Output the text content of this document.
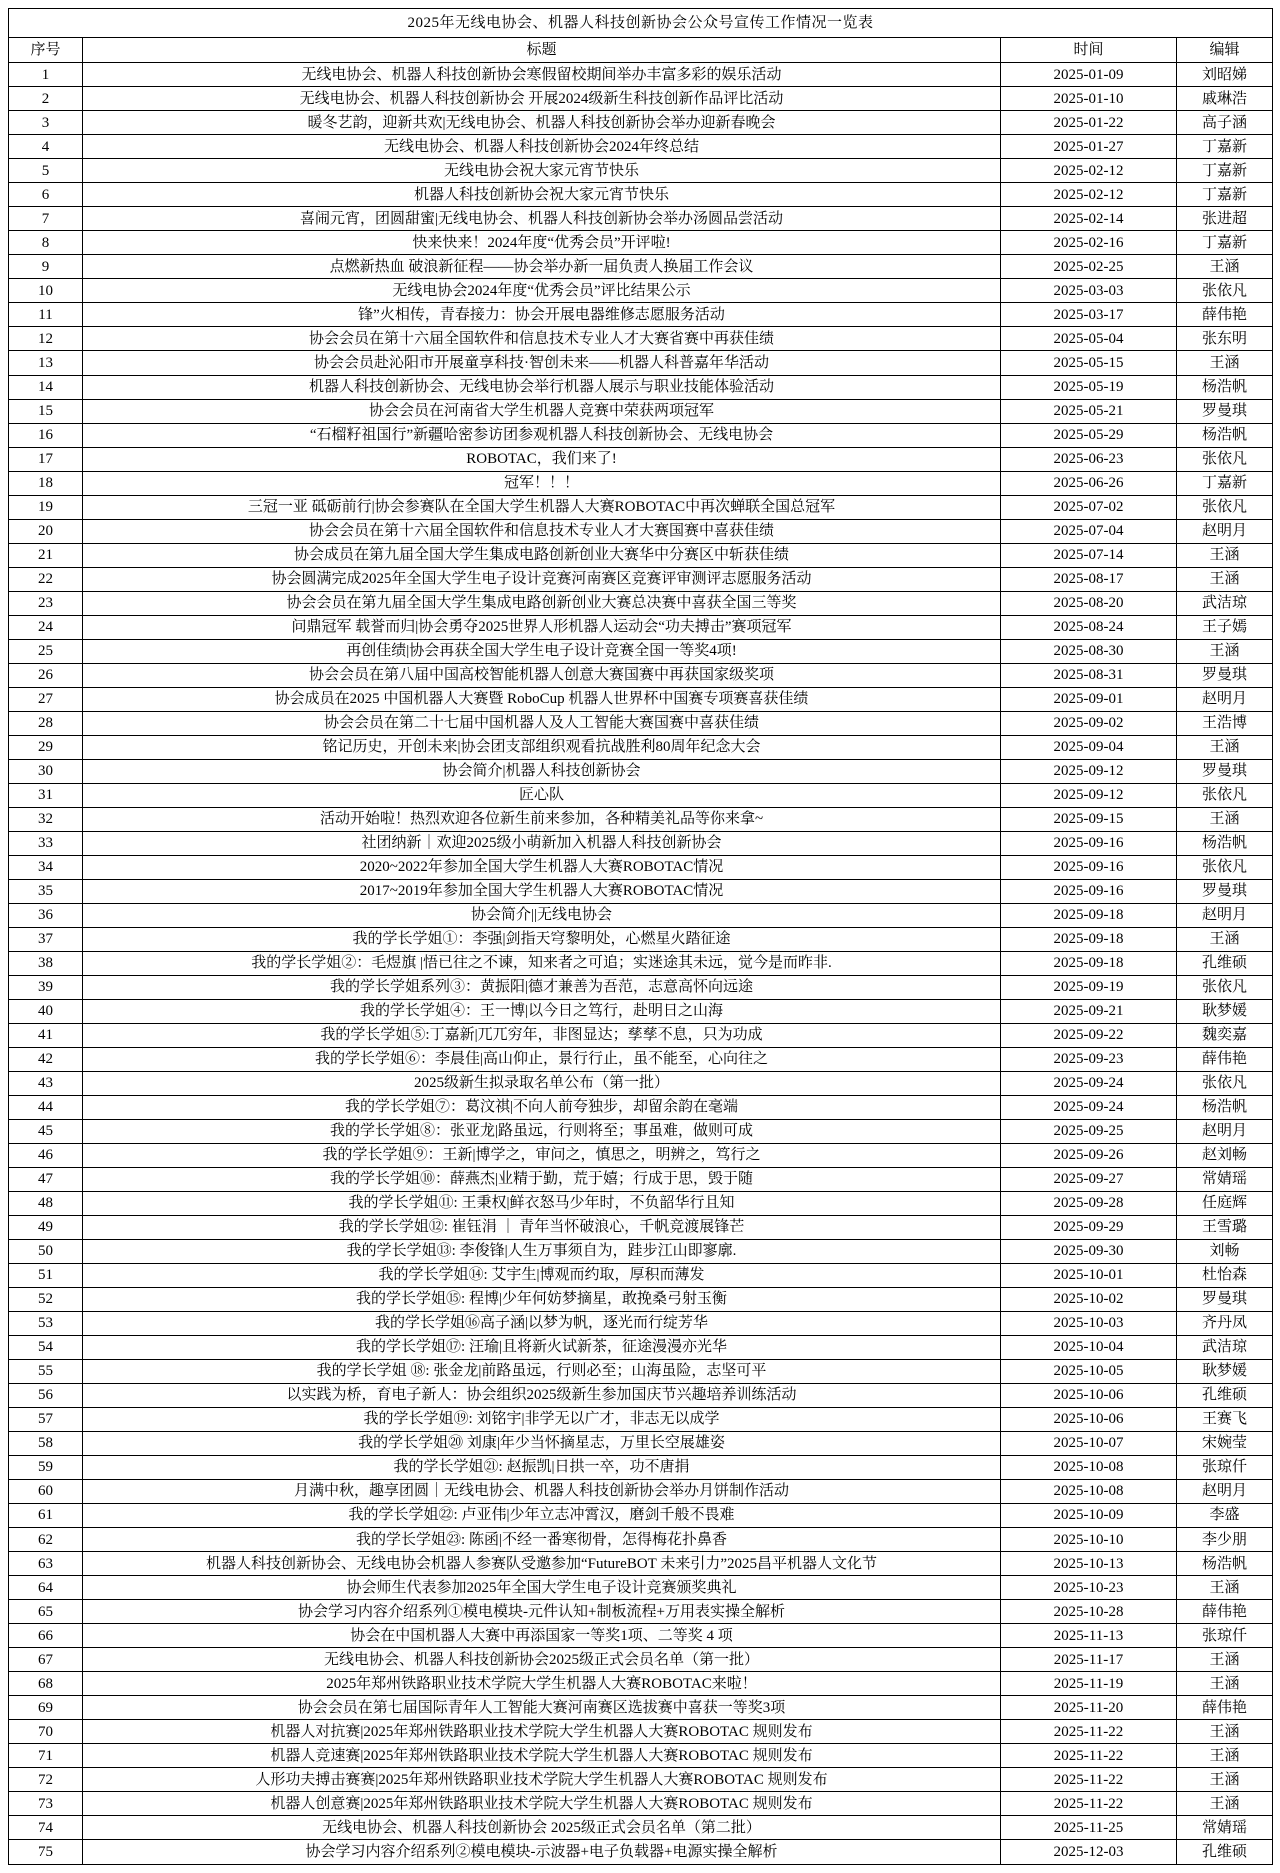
2025年无线电协会、机器人科技创新协会公众号宣传工作情况一览表			
序号	标题	时间	编辑
1	无线电协会、机器人科技创新协会寒假留校期间举办丰富多彩的娱乐活动	2025-01-09	刘昭娣
2	无线电协会、机器人科技创新协会 开展2024级新生科技创新作品评比活动	2025-01-10	戚琳浩
3	暖冬艺韵，迎新共欢|无线电协会、机器人科技创新协会举办迎新春晚会	2025-01-22	高子涵
4	无线电协会、机器人科技创新协会2024年终总结	2025-01-27	丁嘉新
5	无线电协会祝大家元宵节快乐	2025-02-12	丁嘉新
6	机器人科技创新协会祝大家元宵节快乐	2025-02-12	丁嘉新
7	喜闹元宵，团圆甜蜜|无线电协会、机器人科技创新协会举办汤圆品尝活动	2025-02-14	张进超
8	快来快来！2024年度“优秀会员”开评啦!	2025-02-16	丁嘉新
9	点燃新热血 破浪新征程——协会举办新一届负责人换届工作会议	2025-02-25	王涵
10	无线电协会2024年度“优秀会员”评比结果公示	2025-03-03	张依凡
11	锋”火相传，青春接力：协会开展电器维修志愿服务活动	2025-03-17	薛伟艳
12	协会会员在第十六届全国软件和信息技术专业人才大赛省赛中再获佳绩	2025-05-04	张东明
13	协会会员赴沁阳市开展童享科技·智创未来——机器人科普嘉年华活动	2025-05-15	王涵
14	机器人科技创新协会、无线电协会举行机器人展示与职业技能体验活动	2025-05-19	杨浩帆
15	协会会员在河南省大学生机器人竞赛中荣获两项冠军	2025-05-21	罗曼琪
16	“石榴籽祖国行”新疆哈密参访团参观机器人科技创新协会、无线电协会	2025-05-29	杨浩帆
17	ROBOTAC，我们来了!	2025-06-23	张依凡
18	冠军！！！	2025-06-26	丁嘉新
19	三冠一亚 砥砺前行|协会参赛队在全国大学生机器人大赛ROBOTAC中再次蝉联全国总冠军	2025-07-02	张依凡
20	协会会员在第十六届全国软件和信息技术专业人才大赛国赛中喜获佳绩	2025-07-04	赵明月
21	协会成员在第九届全国大学生集成电路创新创业大赛华中分赛区中斩获佳绩	2025-07-14	王涵
22	协会圆满完成2025年全国大学生电子设计竞赛河南赛区竞赛评审测评志愿服务活动	2025-08-17	王涵
23	协会会员在第九届全国大学生集成电路创新创业大赛总决赛中喜获全国三等奖	2025-08-20	武洁琼
24	问鼎冠军 载誉而归|协会勇夺2025世界人形机器人运动会“功夫搏击”赛项冠军	2025-08-24	王子嫣
25	再创佳绩|协会再获全国大学生电子设计竞赛全国一等奖4项!	2025-08-30	王涵
26	协会会员在第八届中国高校智能机器人创意大赛国赛中再获国家级奖项	2025-08-31	罗曼琪
27	协会成员在2025 中国机器人大赛暨 RoboCup 机器人世界杯中国赛专项赛喜获佳绩	2025-09-01	赵明月
28	协会会员在第二十七届中国机器人及人工智能大赛国赛中喜获佳绩	2025-09-02	王浩博
29	铭记历史，开创未来|协会团支部组织观看抗战胜利80周年纪念大会	2025-09-04	王涵
30	协会简介|机器人科技创新协会	2025-09-12	罗曼琪
31	匠心队	2025-09-12	张依凡
32	活动开始啦！热烈欢迎各位新生前来参加，各种精美礼品等你来拿~	2025-09-15	王涵
33	社团纳新｜欢迎2025级小萌新加入机器人科技创新协会	2025-09-16	杨浩帆
34	2020~2022年参加全国大学生机器人大赛ROBOTAC情况	2025-09-16	张依凡
35	2017~2019年参加全国大学生机器人大赛ROBOTAC情况	2025-09-16	罗曼琪
36	协会简介||无线电协会	2025-09-18	赵明月
37	我的学长学姐①：李强|剑指天穹黎明处，心燃星火踏征途	2025-09-18	王涵
38	我的学长学姐②：毛煜旗 |悟已往之不谏，知来者之可追；实迷途其未远，觉今是而昨非.	2025-09-18	孔维硕
39	我的学长学姐系列③：黄振阳|德才兼善为吾范，志意高怀向远途	2025-09-19	张依凡
40	我的学长学姐④：王一博|以今日之笃行，赴明日之山海	2025-09-21	耿梦媛
41	我的学长学姐⑤:丁嘉新|兀兀穷年，非图显达；孳孳不息，只为功成	2025-09-22	魏奕嘉
42	我的学长学姐⑥：李晨佳|高山仰止，景行行止，虽不能至，心向往之	2025-09-23	薛伟艳
43	2025级新生拟录取名单公布（第一批）	2025-09-24	张依凡
44	我的学长学姐⑦：葛汶祺|不向人前夸独步，却留余韵在毫端	2025-09-24	杨浩帆
45	我的学长学姐⑧：张亚龙|路虽远，行则将至；事虽难，做则可成	2025-09-25	赵明月
46	我的学长学姐⑨：王新|博学之，审问之，慎思之，明辨之，笃行之	2025-09-26	赵刘畅
47	我的学长学姐⑩：薛燕杰|业精于勤，荒于嬉；行成于思，毁于随	2025-09-27	常婧瑶
48	我的学长学姐⑪: 王秉权|鲜衣怒马少年时，不负韶华行且知	2025-09-28	任庭辉
49	我的学长学姐⑫: 崔钰涓 ｜ 青年当怀破浪心，千帆竞渡展锋芒	2025-09-29	王雪璐
50	我的学长学姐⑬: 李俊锋|人生万事须自为，跬步江山即寥廓.	2025-09-30	刘畅
51	我的学长学姐⑭: 艾宇生|博观而约取，厚积而薄发	2025-10-01	杜怡森
52	我的学长学姐⑮: 程博|少年何妨梦摘星，敢挽桑弓射玉衡	2025-10-02	罗曼琪
53	我的学长学姐⑯高子涵|以梦为帆，逐光而行绽芳华	2025-10-03	齐丹凤
54	我的学长学姐⑰: 汪瑜|且将新火试新茶，征途漫漫亦光华	2025-10-04	武洁琼
55	我的学长学姐 ⑱: 张金龙|前路虽远，行则必至；山海虽险，志坚可平	2025-10-05	耿梦媛
56	以实践为桥，育电子新人：协会组织2025级新生参加国庆节兴趣培养训练活动	2025-10-06	孔维硕
57	我的学长学姐⑲: 刘铭宇|非学无以广才，非志无以成学	2025-10-06	王赛飞
58	我的学长学姐⑳ 刘康|年少当怀摘星志，万里长空展雄姿	2025-10-07	宋婉莹
59	我的学长学姐㉑: 赵振凯|日拱一卒，功不唐捐	2025-10-08	张琼仟
60	月满中秋，趣享团圆｜无线电协会、机器人科技创新协会举办月饼制作活动	2025-10-08	赵明月
61	我的学长学姐㉒: 卢亚伟|少年立志冲霄汉，磨剑千般不畏难	2025-10-09	李盛
62	我的学长学姐㉓: 陈函|不经一番寒彻骨，怎得梅花扑鼻香	2025-10-10	李少朋
63	机器人科技创新协会、无线电协会机器人参赛队受邀参加“FutureBOT 未来引力”2025昌平机器人文化节	2025-10-13	杨浩帆
64	协会师生代表参加2025年全国大学生电子设计竞赛颁奖典礼	2025-10-23	王涵
65	协会学习内容介绍系列①模电模块-元件认知+制板流程+万用表实操全解析	2025-10-28	薛伟艳
66	协会在中国机器人大赛中再添国家一等奖1项、二等奖 4 项	2025-11-13	张琼仟
67	无线电协会、机器人科技创新协会2025级正式会员名单（第一批）	2025-11-17	王涵
68	2025年郑州铁路职业技术学院大学生机器人大赛ROBOTAC来啦！	2025-11-19	王涵
69	协会会员在第七届国际青年人工智能大赛河南赛区选拔赛中喜获一等奖3项	2025-11-20	薛伟艳
70	机器人对抗赛|2025年郑州铁路职业技术学院大学生机器人大赛ROBOTAC 规则发布	2025-11-22	王涵
71	机器人竞速赛|2025年郑州铁路职业技术学院大学生机器人大赛ROBOTAC 规则发布	2025-11-22	王涵
72	人形功夫搏击赛赛|2025年郑州铁路职业技术学院大学生机器人大赛ROBOTAC 规则发布	2025-11-22	王涵
73	机器人创意赛|2025年郑州铁路职业技术学院大学生机器人大赛ROBOTAC 规则发布	2025-11-22	王涵
74	无线电协会、机器人科技创新协会 2025级正式会员名单（第二批）	2025-11-25	常婧瑶
75	协会学习内容介绍系列②模电模块-示波器+电子负载器+电源实操全解析	2025-12-03	孔维硕
